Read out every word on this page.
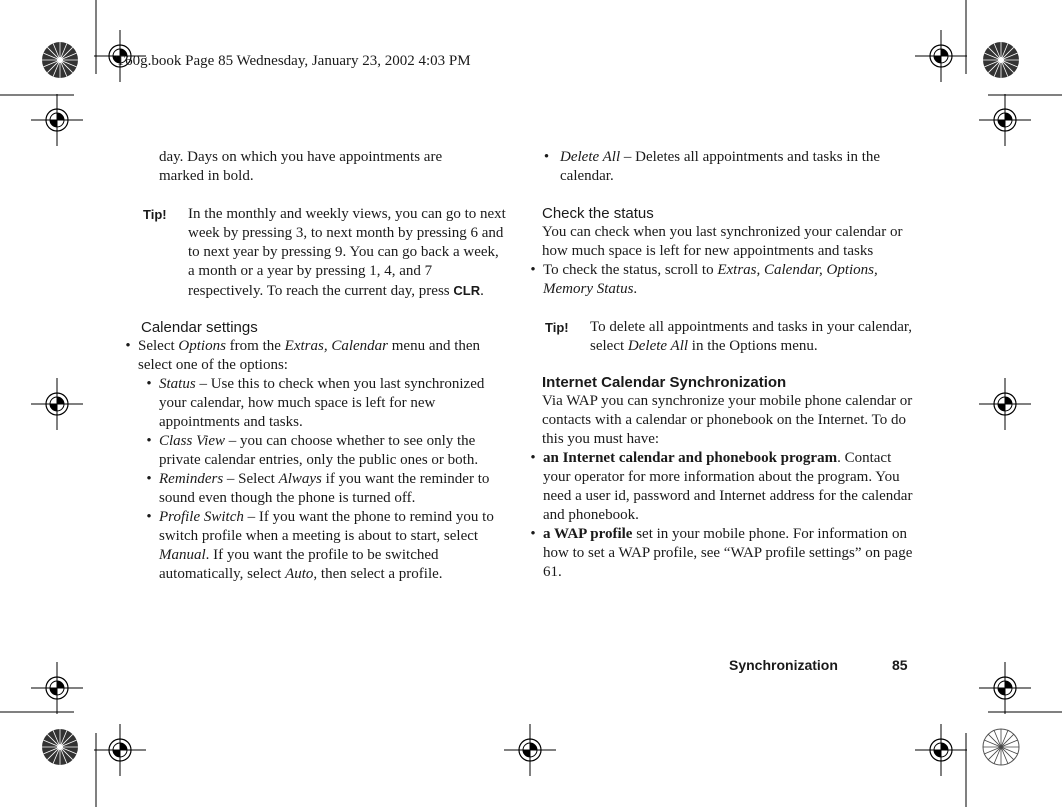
T60g.book Page 85 Wednesday, January 23, 2002 4:03 PM

day. Days on which you have appointments are

marked in bold.

Tip!	In the monthly and weekly views, you can go to next week by pressing 3, to next month by pressing 6 and to next year by pressing 9. You can go back a week, a month or a year by pressing 1, 4, and 7 respectively. To reach the current day, press CLR.

Calendar settings

• Select Options from the Extras, Calendar menu and then select one of the options:
• Status – Use this to check when you last synchronized your calendar, how much space is left for new appointments and tasks.
• Class View – you can choose whether to see only the private calendar entries, only the public ones or both.
• Reminders – Select Always if you want the reminder to sound even though the phone is turned off.
• Profile Switch – If you want the phone to remind you to switch profile when a meeting is about to start, select Manual. If you want the profile to be switched automatically, select Auto, then select a profile.
• Delete All – Deletes all appointments and tasks in the calendar.

Check the status

You can check when you last synchronized your calendar or how much space is left for new appointments and tasks

• To check the status, scroll to Extras, Calendar, Options, Memory Status.
Tip!	To delete all appointments and tasks in your calendar, select Delete All in the Options menu.

Internet Calendar Synchronization

Via WAP you can synchronize your mobile phone calendar or contacts with a calendar or phonebook on the Internet. To do this you must have:

• an Internet calendar and phonebook program. Contact your operator for more information about the program. You need a user id, password and Internet address for the calendar and phonebook.
• a WAP profile set in your mobile phone. For information on how to set a WAP profile, see “WAP profile settings” on page 61.
Synchronization	85
